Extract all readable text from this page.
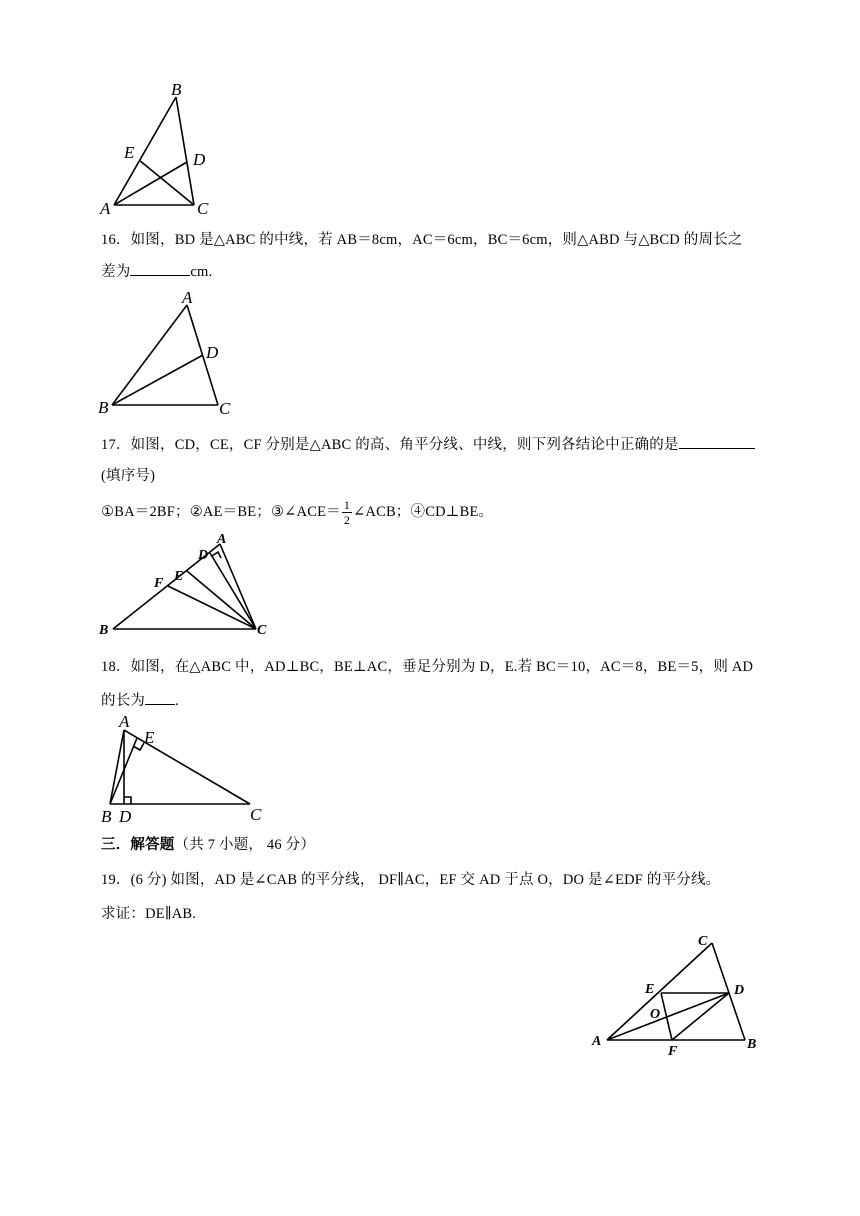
B
E	D
A	C
16．如图，BD 是△ABC 的中线，若 AB＝8cm，AC＝6cm，BC＝6cm，则△ABD 与△BCD 的周长之
差为	cm.
A
D
B	C
17．如图，CD，CE，CF 分别是△ABC 的高、角平分线、中线，则下列各结论中正确的是
(填序号)
①BA＝2BF；②AE＝BE；③∠ACE＝ $\frac{1}{2}$ ∠ACB；④CD⊥BE。
A
D
E
F
B	C
18．如图，在△ABC 中，AD⊥BC，BE⊥AC，垂足分别为 D，E.若 BC＝10，AC＝8，BE＝5，则 AD
的长为 .
A
E
B D	C
三．解答题（共 7 小题， 46 分）
19．(6 分) 如图，AD 是∠CAB 的平分线， DF∥AC，EF 交 AD 于点 O，DO 是∠EDF 的平分线。
求证：DE∥AB.
C
E	D
O
A
F	B
